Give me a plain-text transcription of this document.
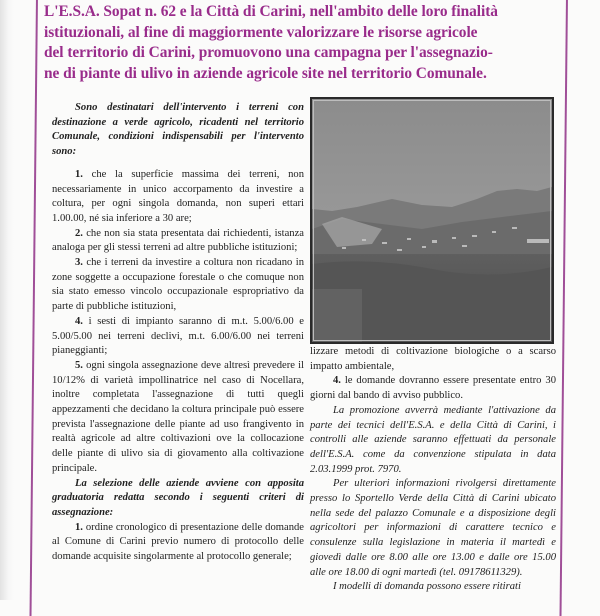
L'E.S.A. Sopat n. 62 e la Città di Carini, nell'ambito delle loro finalità
istituzionali, al fine di maggiormente valorizzare le risorse agricole
del territorio di Carini, promuovono una campagna per l'assegnazio-
ne di piante di ulivo in aziende agricole site nel territorio Comunale.

Sono destinatari dell'intervento i terreni con destinazione a verde agricolo, ricadenti nel territorio Comunale, condizioni indispensabili per l'intervento sono:

1. che la superficie massima dei terreni, non necessariamente in unico accorpamento da investire a coltura, per ogni singola domanda, non superi ettari 1.00.00, né sia inferiore a 30 are;

2. che non sia stata presentata dai richiedenti, istanza analoga per gli stessi terreni ad altre pubbliche istituzioni;

3. che i terreni da investire a coltura non ricadano in zone soggette a occupazione forestale o che comuque non sia stato emesso vincolo occupazionale espropriativo da parte di pubbliche istituzioni,

4. i sesti di impianto saranno di m.t. 5.00/6.00 e 5.00/5.00 nei terreni declivi, m.t. 6.00/6.00 nei terreni pianeggianti;

5. ogni singola assegnazione deve altresì prevedere il 10/12% di varietà impollinatrice nel caso di Nocellara, inoltre completata l'assegnazione di tutti quegli appezzamenti che decidano la coltura principale può essere prevista l'assegnazione delle piante ad uso frangivento in realtà agricole ad altre coltivazioni ove la collocazione delle piante di ulivo sia di giovamento alla coltivazione principale.

La selezione delle aziende avviene con apposita graduatoria redatta secondo i seguenti criteri di assegnazione:

1. ordine cronologico di presentazione delle domande al Comune di Carini previo numero di protocollo delle domande acquisite singolarmente al protocollo generale;

lizzare metodi di coltivazione biologiche o a scarso impatto ambientale,

4. le domande dovranno essere presentate entro 30 giorni dal bando di avviso pubblico.

La promozione avverrà mediante l'attivazione da parte dei tecnici dell'E.S.A. e della Città di Carini, i controlli alle aziende saranno effettuati da personale dell'E.S.A. come da convenzione stipulata in data 2.03.1999 prot. 7970.

Per ulteriori informazioni rivolgersi direttamente presso lo Sportello Verde della Città di Carini ubicato nella sede del palazzo Comunale e a disposizione degli agricoltori per informazioni di carattere tecnico e consulenze sulla legislazione in materia il martedì e giovedì dalle ore 8.00 alle ore 13.00 e dalle ore 15.00 alle ore 18.00 di ogni martedì (tel. 09178611329).

I modelli di domanda possono essere ritirati
